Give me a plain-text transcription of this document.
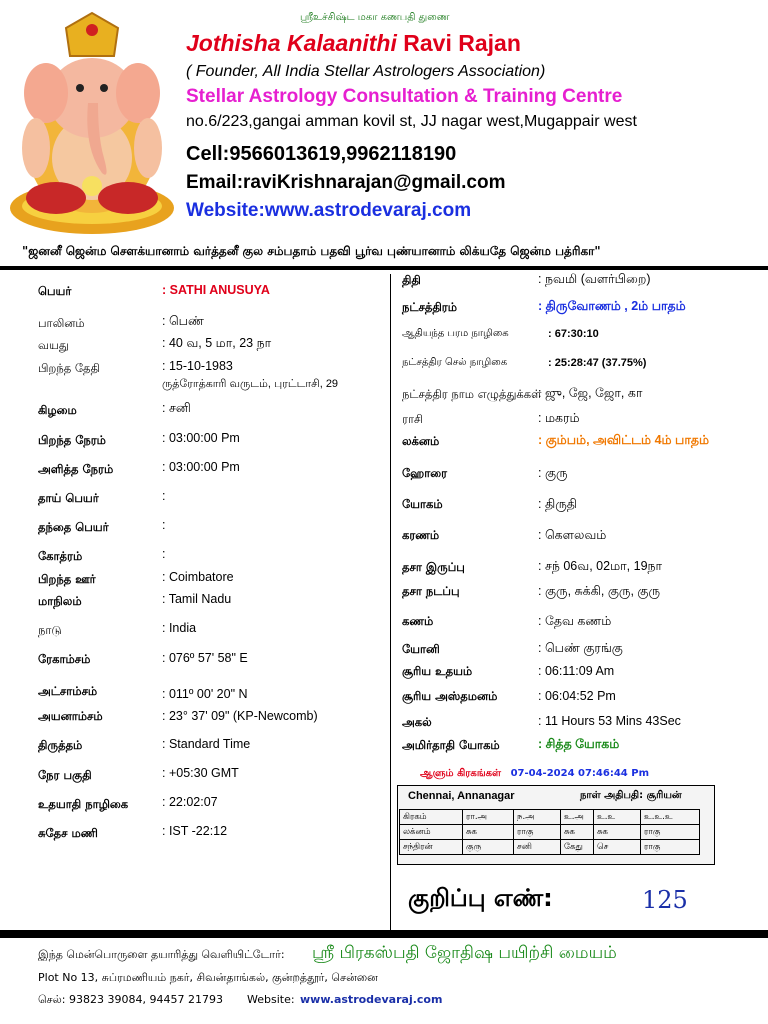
ஸ்ரீஉச்சிஷ்ட மகா கணபதி துணை
Jothisha Kalaanithi Ravi Rajan
( Founder, All India Stellar Astrologers Association)
Stellar Astrology Consultation & Training Centre
no.6/223,gangai amman kovil st, JJ nagar west,Mugappair west
Cell:9566013619,9962118190
Email:raviKrishnarajan@gmail.com
Website:www.astrodevaraj.com
"ஜனனீ ஜென்ம சௌக்யானாம் வர்த்தனீ குல சம்பதாம் பதவி பூர்வ புண்யானாம் லிக்யதே ஜென்ம பத்ரிகா"
பெயர்	: SATHI ANUSUYA
பாலினம்	: பெண்
வயது	: 40 வ, 5 மா, 23 நா
பிறந்த தேதி	: 15-10-1983
ருத்ரோத்காரி வருடம், புரட்டாசி, 29
கிழமை	: சனி
பிறந்த நேரம்	: 03:00:00 Pm
அளித்த நேரம்	: 03:00:00 Pm
தாய் பெயர்	:
தந்தை பெயர்	:
கோத்ரம்	:
பிறந்த ஊர்	: Coimbatore
மாநிலம்	: Tamil Nadu
நாடு	: India
ரேகாம்சம்	: 076º 57' 58" E
அட்சாம்சம்	: 011º 00' 20" N
அயனாம்சம்	: 23° 37' 09" (KP-Newcomb)
திருத்தம்	: Standard Time
நேர பகுதி	: +05:30 GMT
உதயாதி நாழிகை	: 22:02:07
சுதேச மணி	: IST -22:12
திதி	: நவமி (வளர்பிறை)
நட்சத்திரம்	: திருவோணம் , 2ம் பாதம்
ஆதியந்த பரம நாழிகை	: 67:30:10
நட்சத்திர செல் நாழிகை	: 25:28:47 (37.75%)
நட்சத்திர நாம எழுத்துக்கள்
: ஜு, ஜே, ஜோ, கா
ராசி	: மகரம்
லக்னம்	: கும்பம், அவிட்டம் 4ம் பாதம்
ஹோரை	: குரு
யோகம்	: திருதி
கரணம்	: கௌலவம்
தசா இருப்பு	: சந் 06வ, 02மா, 19நா
தசா நடப்பு	: குரு, சுக்கி, குரு, குரு
கணம்	: தேவ கணம்
யோனி	: பெண் குரங்கு
சூரிய உதயம்	: 06:11:09 Am
சூரிய அஸ்தமனம்	: 06:04:52 Pm
அகல்	: 11 Hours 53 Mins 43Sec
அமிர்தாதி யோகம்	: சித்த யோகம்
ஆளும் கிரகங்கள் 07-04-2024 07:46:44 Pm
Chennai, Annanagar	நாள் அதிபதி: சூரியன்
கிரகம்	ரா.அ	ந.அ	உ.அ	உ.உ	உ.உ.உ
லக்னம்	சுக	ராகு	சுக	சுக	ராகு
சந்திரன்	குரு	சனி	கேது	செ	ராகு
குறிப்பு எண்:	125
இந்த மென்பொருளை தயாரித்து வெளியிட்டோர்: ஸ்ரீ பிரகஸ்பதி ஜோதிஷ பயிற்சி மையம்
Plot No 13, சுப்ரமணியம் நகர், சிவன்தாங்கல், குன்றத்தூர், சென்னை
செல்: 93823 39084, 94457 21793 Website: www.astrodevaraj.com
